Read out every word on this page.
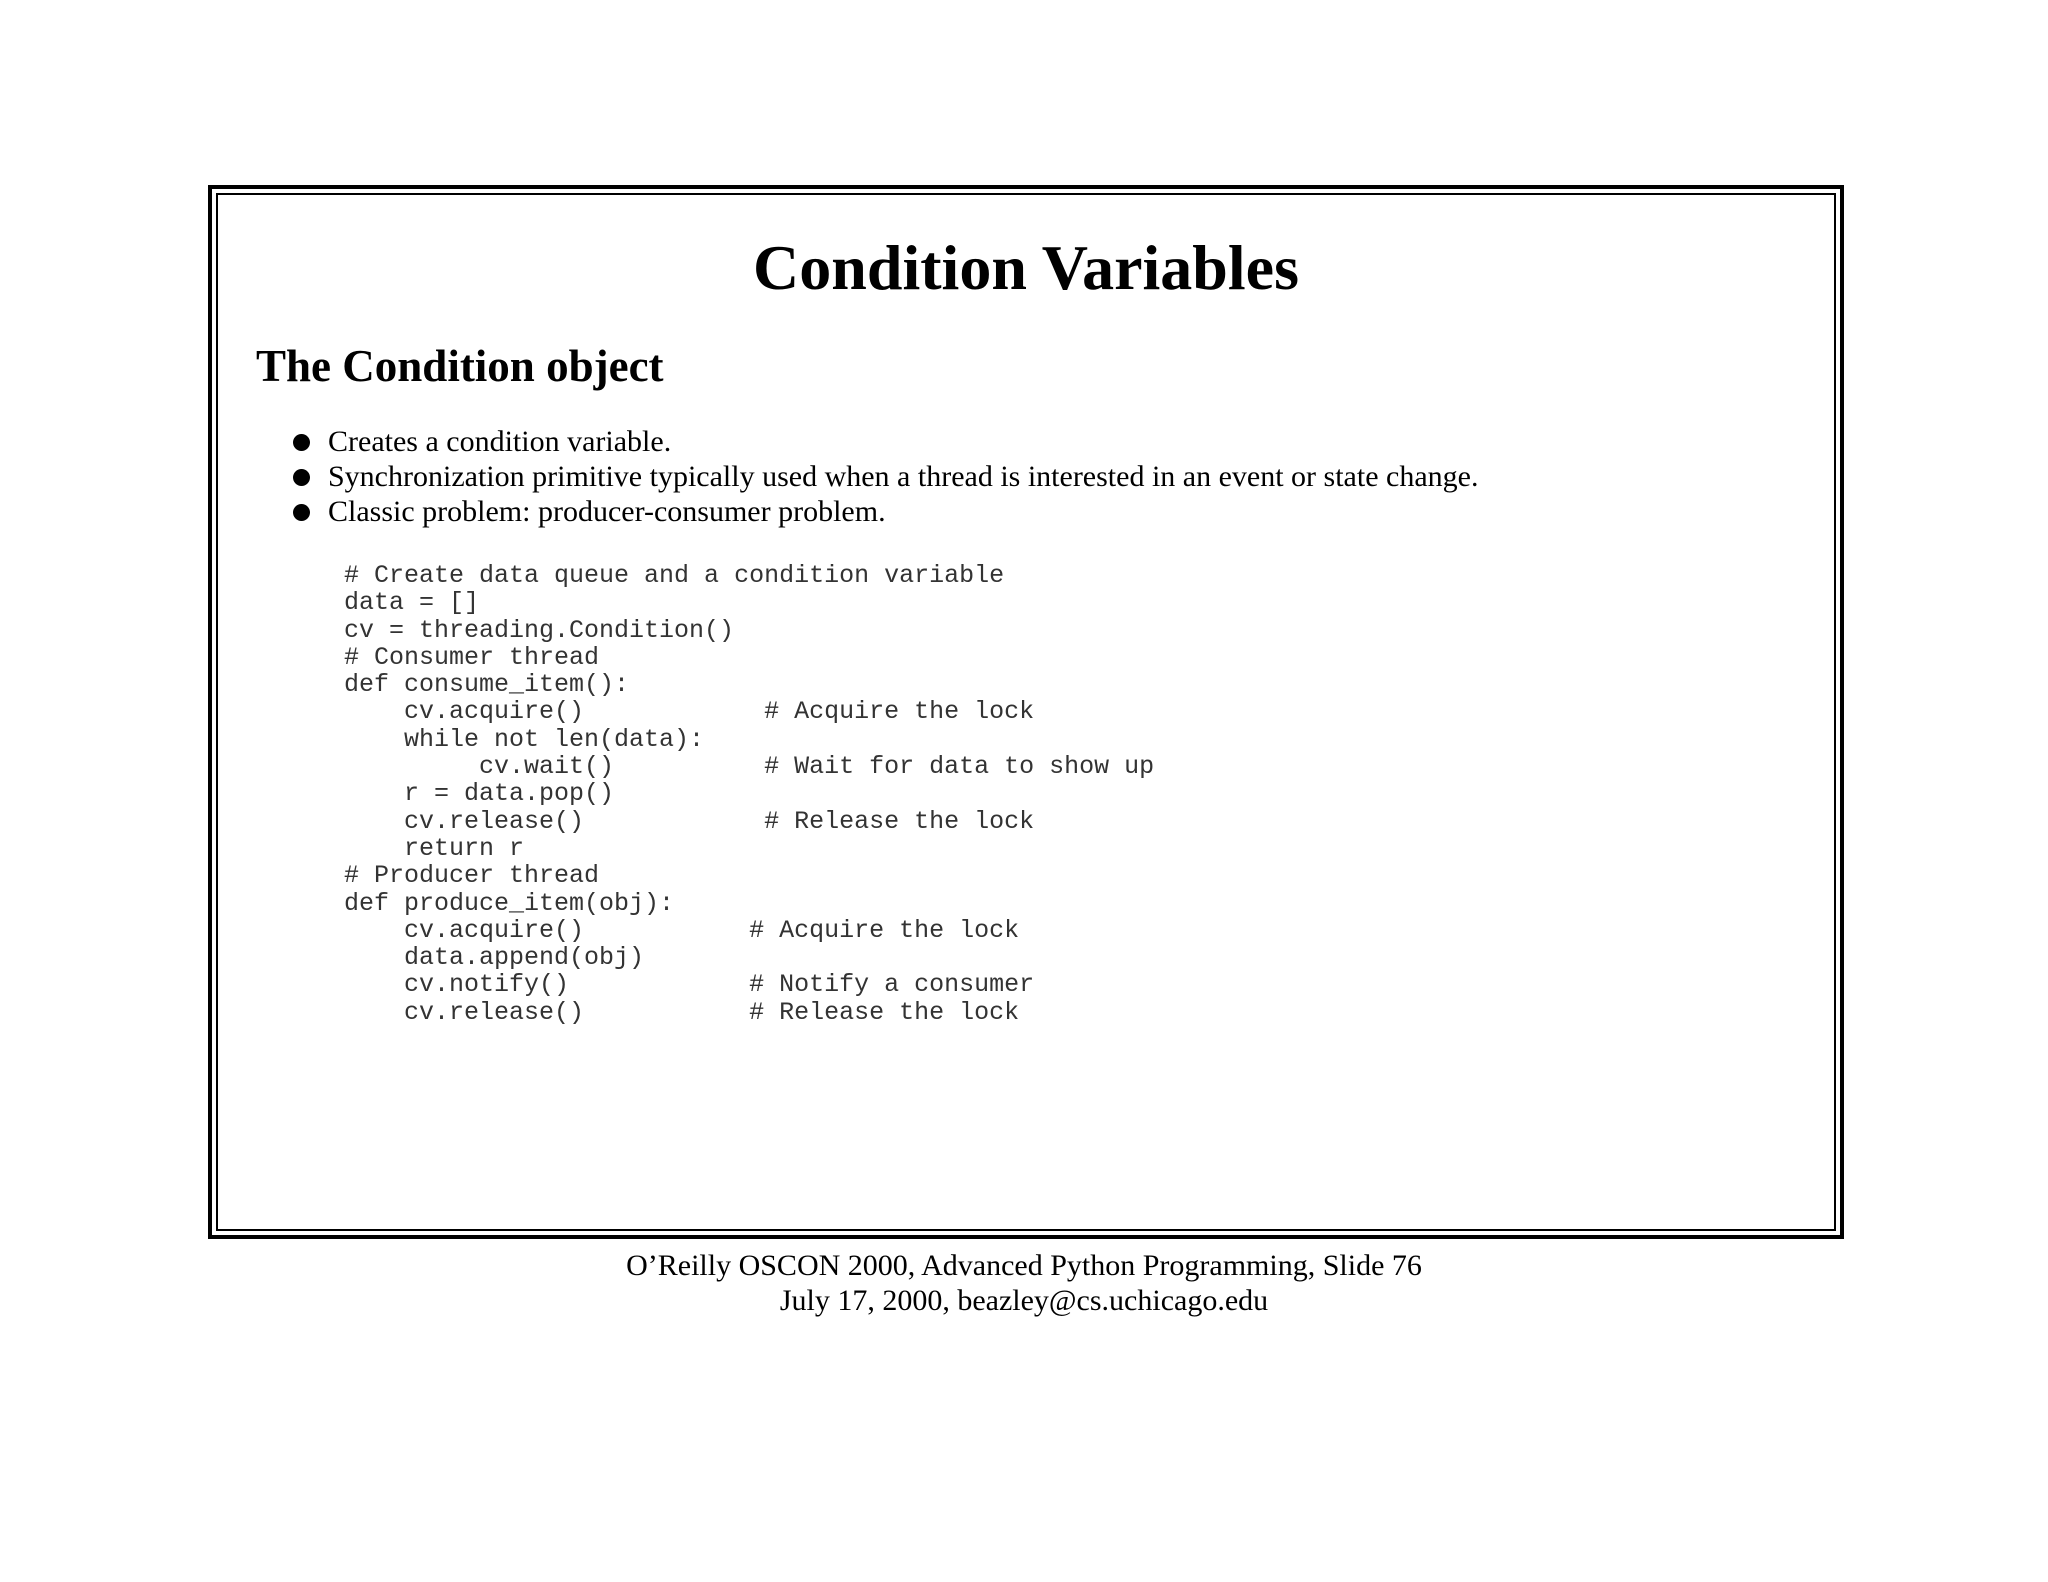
Condition Variables
The Condition object
Creates a condition variable.
Synchronization primitive typically used when a thread is interested in an event or state change.
Classic problem: producer-consumer problem.
# Create data queue and a condition variable
data = []
cv = threading.Condition()
# Consumer thread
def consume_item():
cv.acquire()            # Acquire the lock
while not len(data):
cv.wait()          # Wait for data to show up
r = data.pop()
cv.release()            # Release the lock
return r
# Producer thread
def produce_item(obj):
cv.acquire()           # Acquire the lock
data.append(obj)
cv.notify()            # Notify a consumer
cv.release()           # Release the lock
O’Reilly OSCON 2000, Advanced Python Programming, Slide 76
July 17, 2000, beazley@cs.uchicago.edu
